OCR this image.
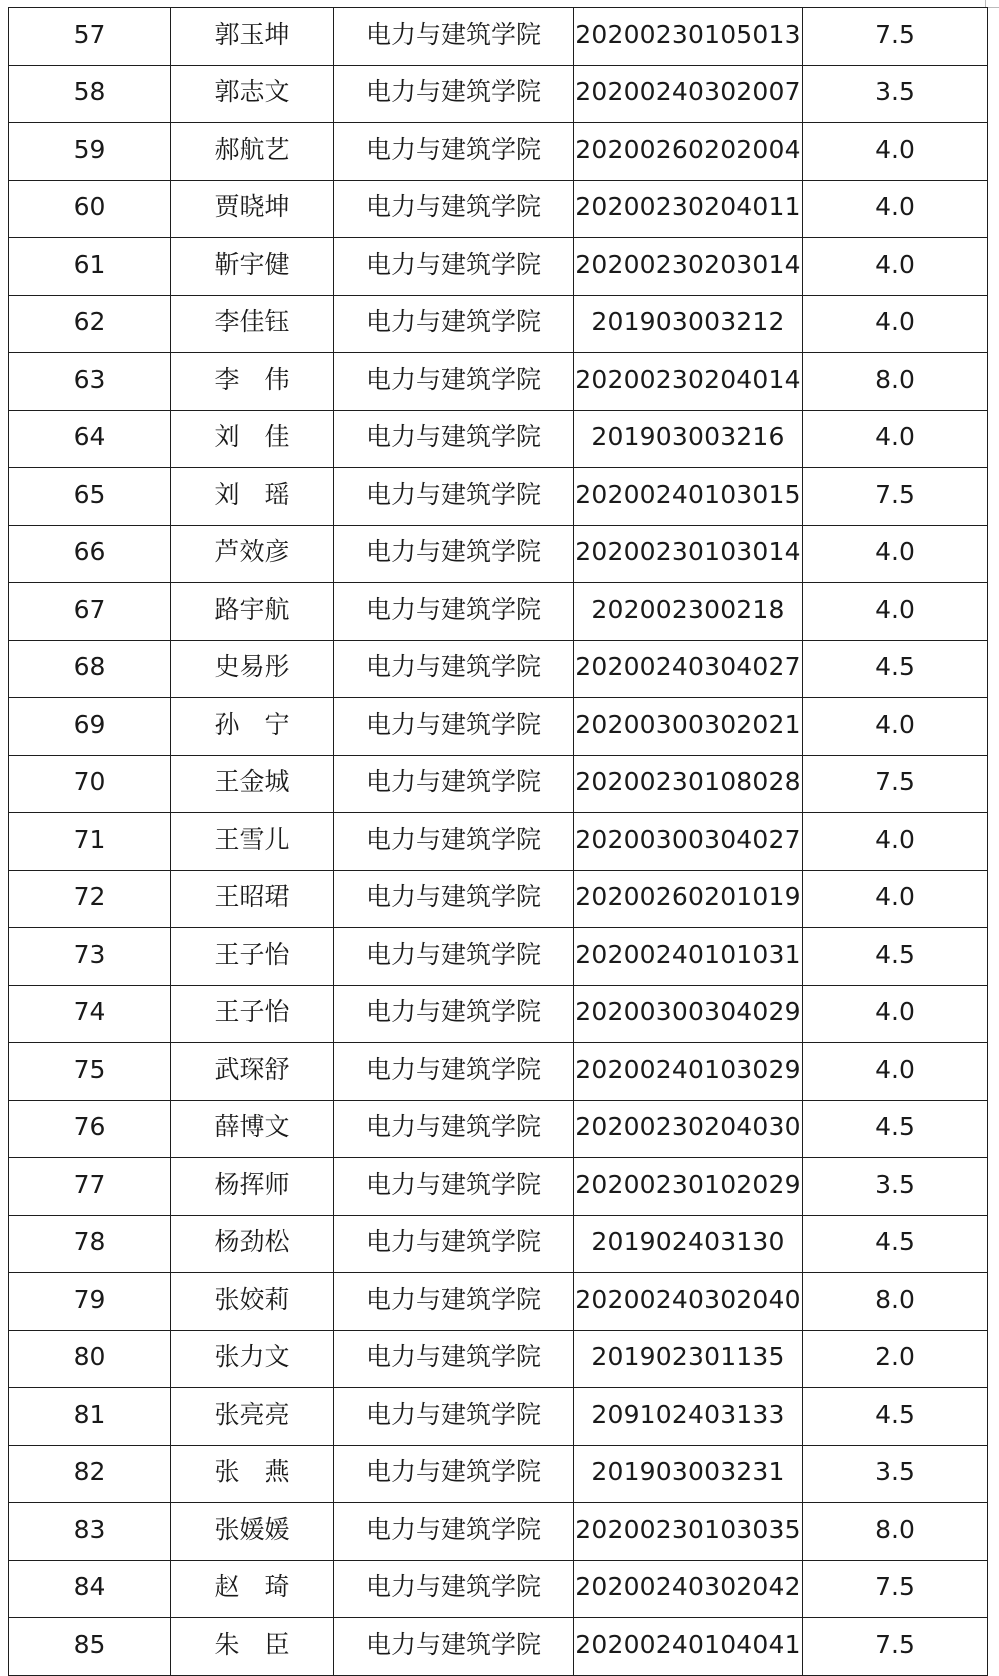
57	郭玉坤	电力与建筑学院	20200230105013	7.5
58	郭志文	电力与建筑学院	20200240302007	3.5
59	郝航艺	电力与建筑学院	20200260202004	4.0
60	贾晓坤	电力与建筑学院	20200230204011	4.0
61	靳宇健	电力与建筑学院	20200230203014	4.0
62	李佳钰	电力与建筑学院	201903003212	4.0
63	李　伟	电力与建筑学院	20200230204014	8.0
64	刘　佳	电力与建筑学院	201903003216	4.0
65	刘　瑶	电力与建筑学院	20200240103015	7.5
66	芦效彦	电力与建筑学院	20200230103014	4.0
67	路宇航	电力与建筑学院	202002300218	4.0
68	史易彤	电力与建筑学院	20200240304027	4.5
69	孙　宁	电力与建筑学院	20200300302021	4.0
70	王金城	电力与建筑学院	20200230108028	7.5
71	王雪儿	电力与建筑学院	20200300304027	4.0
72	王昭珺	电力与建筑学院	20200260201019	4.0
73	王子怡	电力与建筑学院	20200240101031	4.5
74	王子怡	电力与建筑学院	20200300304029	4.0
75	武琛舒	电力与建筑学院	20200240103029	4.0
76	薛博文	电力与建筑学院	20200230204030	4.5
77	杨挥师	电力与建筑学院	20200230102029	3.5
78	杨劲松	电力与建筑学院	201902403130	4.5
79	张姣莉	电力与建筑学院	20200240302040	8.0
80	张力文	电力与建筑学院	201902301135	2.0
81	张亮亮	电力与建筑学院	209102403133	4.5
82	张　燕	电力与建筑学院	201903003231	3.5
83	张媛媛	电力与建筑学院	20200230103035	8.0
84	赵　琦	电力与建筑学院	20200240302042	7.5
85	朱　臣	电力与建筑学院	20200240104041	7.5
